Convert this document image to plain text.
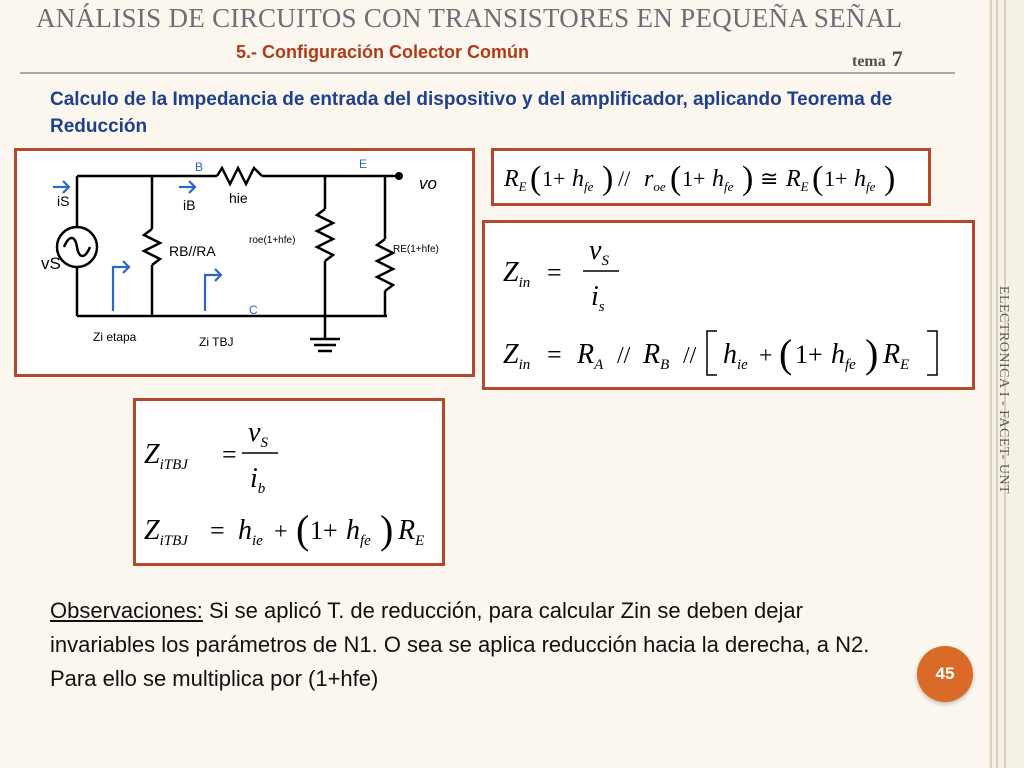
ELECTRONICA I - FACET- UNT
ANÁLISIS DE CIRCUITOS CON TRANSISTORES EN PEQUEÑA SEÑAL
5.- Configuración Colector Común	tema 7
Calculo de la Impedancia de entrada del dispositivo y del amplificador, aplicando Teorema de Reducción
B	E
C
vo
iS	iB hie
vS
RB//RA
roe(1+hfe)
RE(1+hfe)
Zi etapa	Zi TBJ
$R_E$ ( $1+ h_{fe}$ ) // $r_{oe}$ ( $1+ h_{fe}$ ) ≅ $R_E$ ( $1+ h_{fe}$ )
$Z_{in}$ =
$v_S$
$i_s$
$Z_{in} = R_A // R_B // h_{ie}$ + ( $1+ h_{fe}$ ) $R_E$
$Z_{iTBJ}$ =
$v_S$
$i_b$
$Z_{iTBJ} = h_{ie}$ + ( $1+ h_{fe}$ ) $R_E$
Observaciones: Si se aplicó T. de reducción, para calcular Zin se deben dejar invariables los parámetros de N1. O sea se aplica reducción hacia la derecha, a N2. Para ello se multiplica por (1+hfe)	45
